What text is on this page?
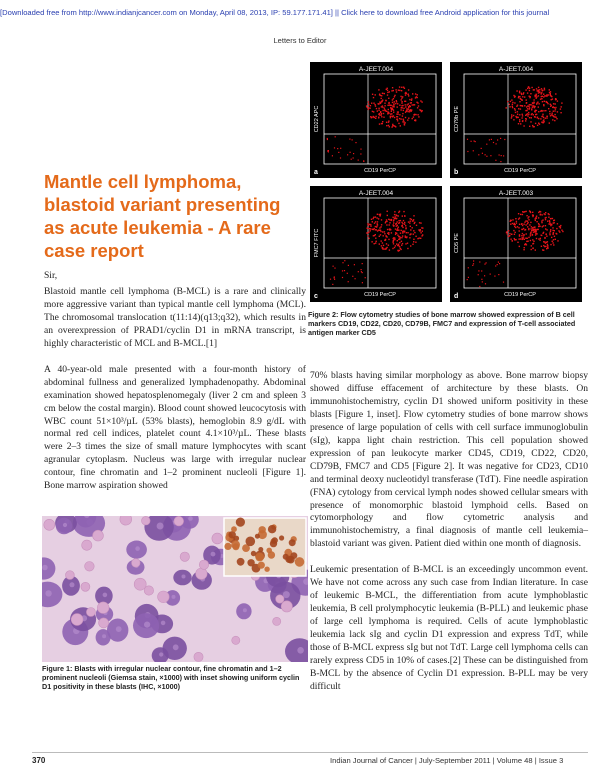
[Downloaded free from http://www.indianjcancer.com on Monday, April 08, 2013, IP: 59.177.171.41] || Click here to download free Android application for this journal
Letters to Editor
Mantle cell lymphoma, blastoid variant presenting as acute leukemia - A rare case report

Sir,

Blastoid mantle cell lymphoma (B-MCL) is a rare and clinically more aggressive variant than typical mantle cell lymphoma (MCL). The chromosomal translocation t(11:14)(q13;q32), which results in an overexpression of PRAD1/cyclin D1 in mRNA transcript, is highly characteristic of MCL and B-MCL.[1]

A 40-year-old male presented with a four-month history of abdominal fullness and generalized lymphadenopathy. Abdominal examination showed hepatosplenomegaly (liver 2 cm and spleen 3 cm below the costal margin). Blood count showed leucocytosis with WBC count 51×10³/µL (53% blasts), hemoglobin 8.9 g/dL with normal red cell indices, platelet count 4.1×10³/µL. These blasts were 2–3 times the size of small mature lymphocytes with scant agranular cytoplasm. Nucleus was large with irregular nuclear contour, fine chromatin and 1–2 prominent nucleoli [Figure 1]. Bone marrow aspiration showed

Figure 1: Blasts with irregular nuclear contour, fine chromatin and 1–2 prominent nucleoli (Giemsa stain, ×1000) with inset showing uniform cyclin D1 positivity in these blasts (IHC, ×1000)
A-JEET.004
CD22 APC
CD19 PerCP
a
A-JEET.004
CD79b PE
CD19 PerCP
b
A-JEET.004
FMC7 FITC
CD19 PerCP
c
A-JEET.003
CD5 PE
CD19 PerCP
d
Figure 2: Flow cytometry studies of bone marrow showed expression of B cell markers CD19, CD22, CD20, CD79B, FMC7 and expression of T-cell associated antigen marker CD5

70% blasts having similar morphology as above. Bone marrow biopsy showed diffuse effacement of architecture by these blasts. On immunohistochemistry, cyclin D1 showed uniform positivity in these blasts [Figure 1, inset]. Flow cytometry studies of bone marrow shows presence of large population of cells with cell surface immunoglobulin (sIg), kappa light chain restriction. This cell population showed expression of pan leukocyte marker CD45, CD19, CD22, CD20, CD79B, FMC7 and CD5 [Figure 2]. It was negative for CD23, CD10 and terminal deoxy nucleotidyl transferase (TdT). Fine needle aspiration (FNA) cytology from cervical lymph nodes showed cellular smears with presence of monomorphic blastoid lymphoid cells. Based on cytomorphology and flow cytometric analysis and immunohistochemistry, a final diagnosis of mantle cell leukemia–blastoid variant was given. Patient died within one month of diagnosis.

Leukemic presentation of B-MCL is an exceedingly uncommon event. We have not come across any such case from Indian literature. In case of leukemic B-MCL, the differentiation from acute lymphoblastic leukemia, B cell prolymphocytic leukemia (B-PLL) and leukemic phase of large cell lymphoma is required. Cells of acute lymphoblastic leukemia lack sIg and cyclin D1 expression and express TdT, while those of B-MCL express sIg but not TdT. Large cell lymphoma cells can rarely express CD5 in 10% of cases.[2] These can be distinguished from B-MCL by the absence of Cyclin D1 expression. B-PLL may be very difficult

370	Indian Journal of Cancer | July-September 2011 | Volume 48 | Issue 3
